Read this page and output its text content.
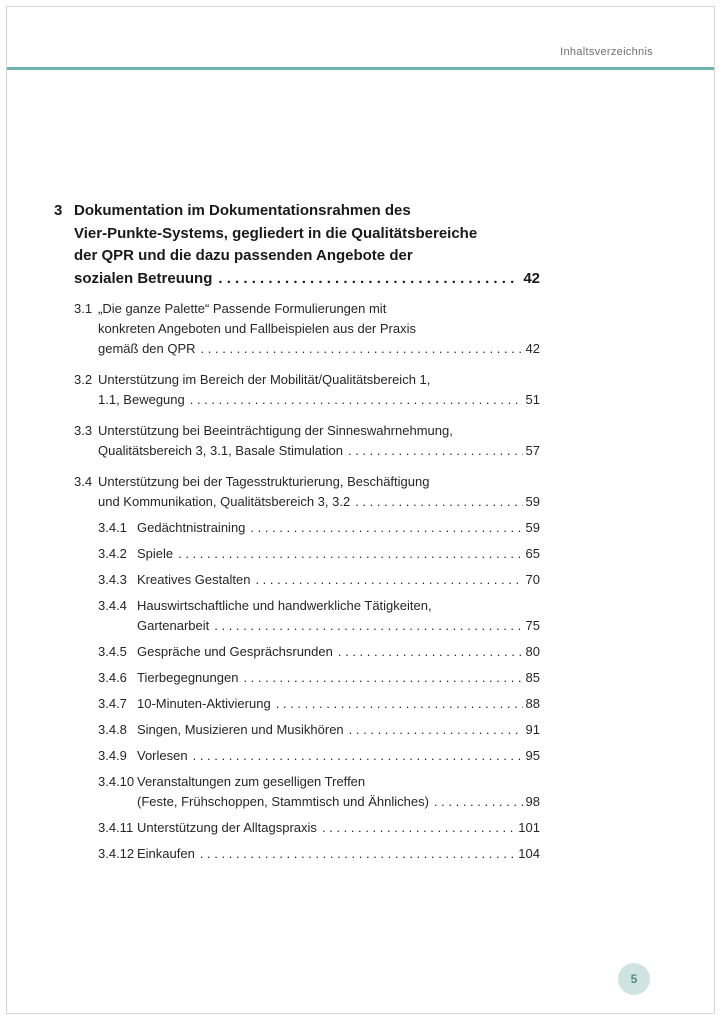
Inhaltsverzeichnis
3 Dokumentation im Dokumentationsrahmen des
Vier-Punkte-Systems, gegliedert in die Qualitätsbereiche
der QPR und die dazu passenden Angebote der
sozialen Betreuung . . .	42
3.1 „Die ganze Palette“ Passende Formulierungen mit
konkreten Angeboten und Fallbeispielen aus der Praxis
gemäß den QPR . . .	42
3.2 Unterstützung im Bereich der Mobilität/Qualitätsbereich 1,
1.1, Bewegung . . .	51
3.3 Unterstützung bei Beeinträchtigung der Sinneswahrnehmung,
Qualitätsbereich 3, 3.1, Basale Stimulation . . .	57
3.4 Unterstützung bei der Tagesstrukturierung, Beschäftigung
und Kommunikation, Qualitätsbereich 3, 3.2 . . .	59
3.4.1 Gedächtnistraining . . .	59
3.4.2 Spiele . . .	65
3.4.3 Kreatives Gestalten . . .	70
3.4.4 Hauswirtschaftliche und handwerkliche Tätigkeiten,
Gartenarbeit . . .	75
3.4.5 Gespräche und Gesprächsrunden . . .	80
3.4.6 Tierbegegnungen . . .	85
3.4.7 10-Minuten-Aktivierung . . .	88
3.4.8 Singen, Musizieren und Musikhören . . .	91
3.4.9 Vorlesen . . .	95
3.4.10 Veranstaltungen zum geselligen Treffen
(Feste, Frühschoppen, Stammtisch und Ähnliches) . . .	98
3.4.11 Unterstützung der Alltagspraxis . . .	101
3.4.12 Einkaufen . . .	104
5
